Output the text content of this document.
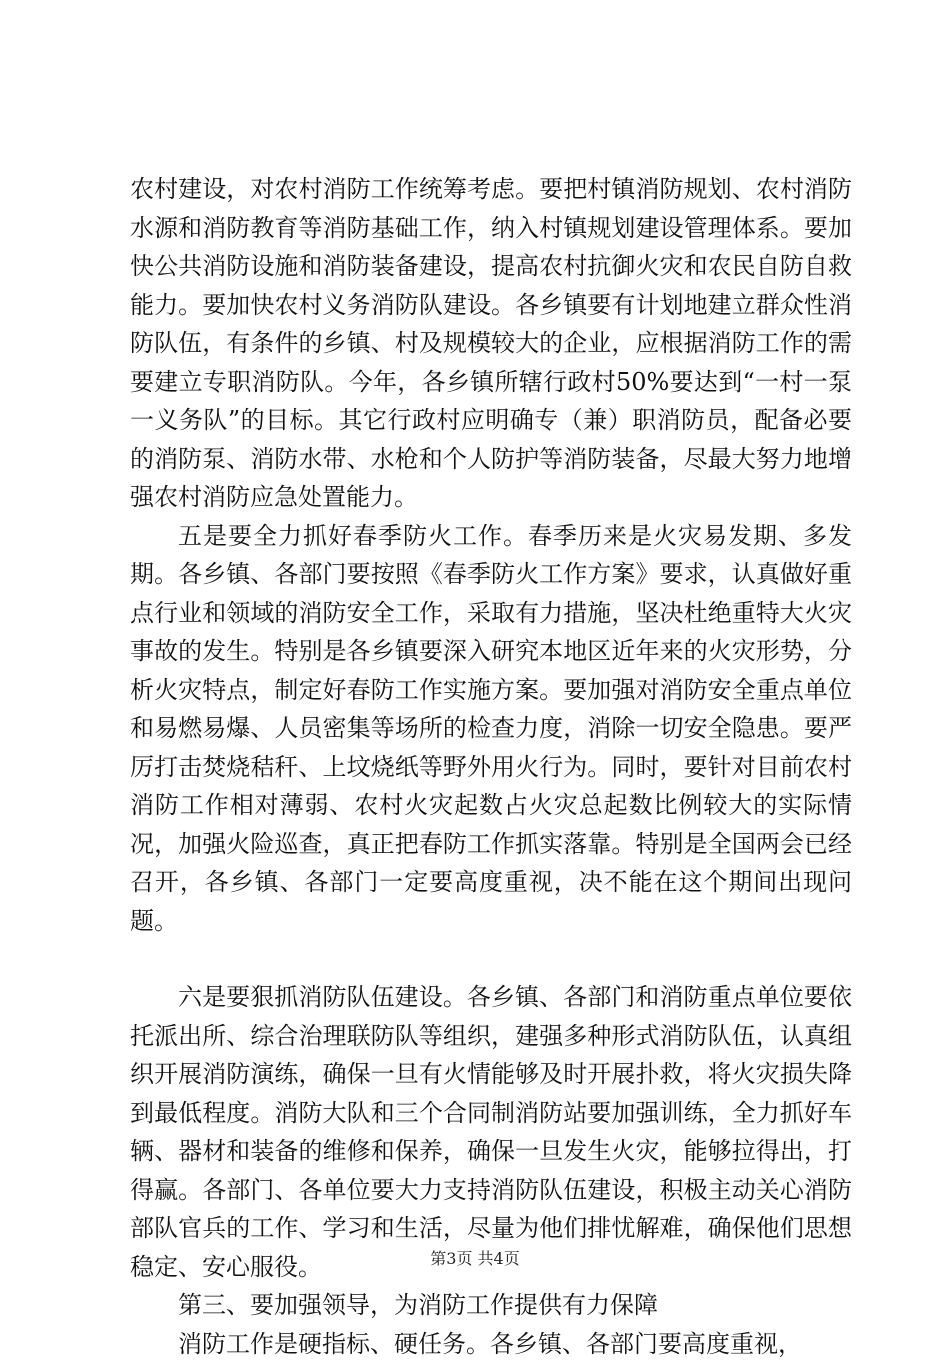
农村建设，对农村消防工作统筹考虑。要把村镇消防规划、农村消防水源和消防教育等消防基础工作，纳入村镇规划建设管理体系。要加快公共消防设施和消防装备建设，提高农村抗御火灾和农民自防自救能力。要加快农村义务消防队建设。各乡镇要有计划地建立群众性消防队伍，有条件的乡镇、村及规模较大的企业，应根据消防工作的需要建立专职消防队。今年，各乡镇所辖行政村50%要达到“一村一泵一义务队”的目标。其它行政村应明确专（兼）职消防员，配备必要的消防泵、消防水带、水枪和个人防护等消防装备，尽最大努力地增强农村消防应急处置能力。

五是要全力抓好春季防火工作。春季历来是火灾易发期、多发期。各乡镇、各部门要按照《春季防火工作方案》要求，认真做好重点行业和领域的消防安全工作，采取有力措施，坚决杜绝重特大火灾事故的发生。特别是各乡镇要深入研究本地区近年来的火灾形势，分析火灾特点，制定好春防工作实施方案。要加强对消防安全重点单位和易燃易爆、人员密集等场所的检查力度，消除一切安全隐患。要严厉打击焚烧秸秆、上坟烧纸等野外用火行为。同时，要针对目前农村消防工作相对薄弱、农村火灾起数占火灾总起数比例较大的实际情况，加强火险巡查，真正把春防工作抓实落靠。特别是全国两会已经召开，各乡镇、各部门一定要高度重视，决不能在这个期间出现问题。

六是要狠抓消防队伍建设。各乡镇、各部门和消防重点单位要依托派出所、综合治理联防队等组织，建强多种形式消防队伍，认真组织开展消防演练，确保一旦有火情能够及时开展扑救，将火灾损失降到最低程度。消防大队和三个合同制消防站要加强训练，全力抓好车辆、器材和装备的维修和保养，确保一旦发生火灾，能够拉得出，打得赢。各部门、各单位要大力支持消防队伍建设，积极主动关心消防部队官兵的工作、学习和生活，尽量为他们排忧解难，确保他们思想稳定、安心服役。

第三、要加强领导，为消防工作提供有力保障

消防工作是硬指标、硬任务。各乡镇、各部门要高度重视，

第3页 共4页
